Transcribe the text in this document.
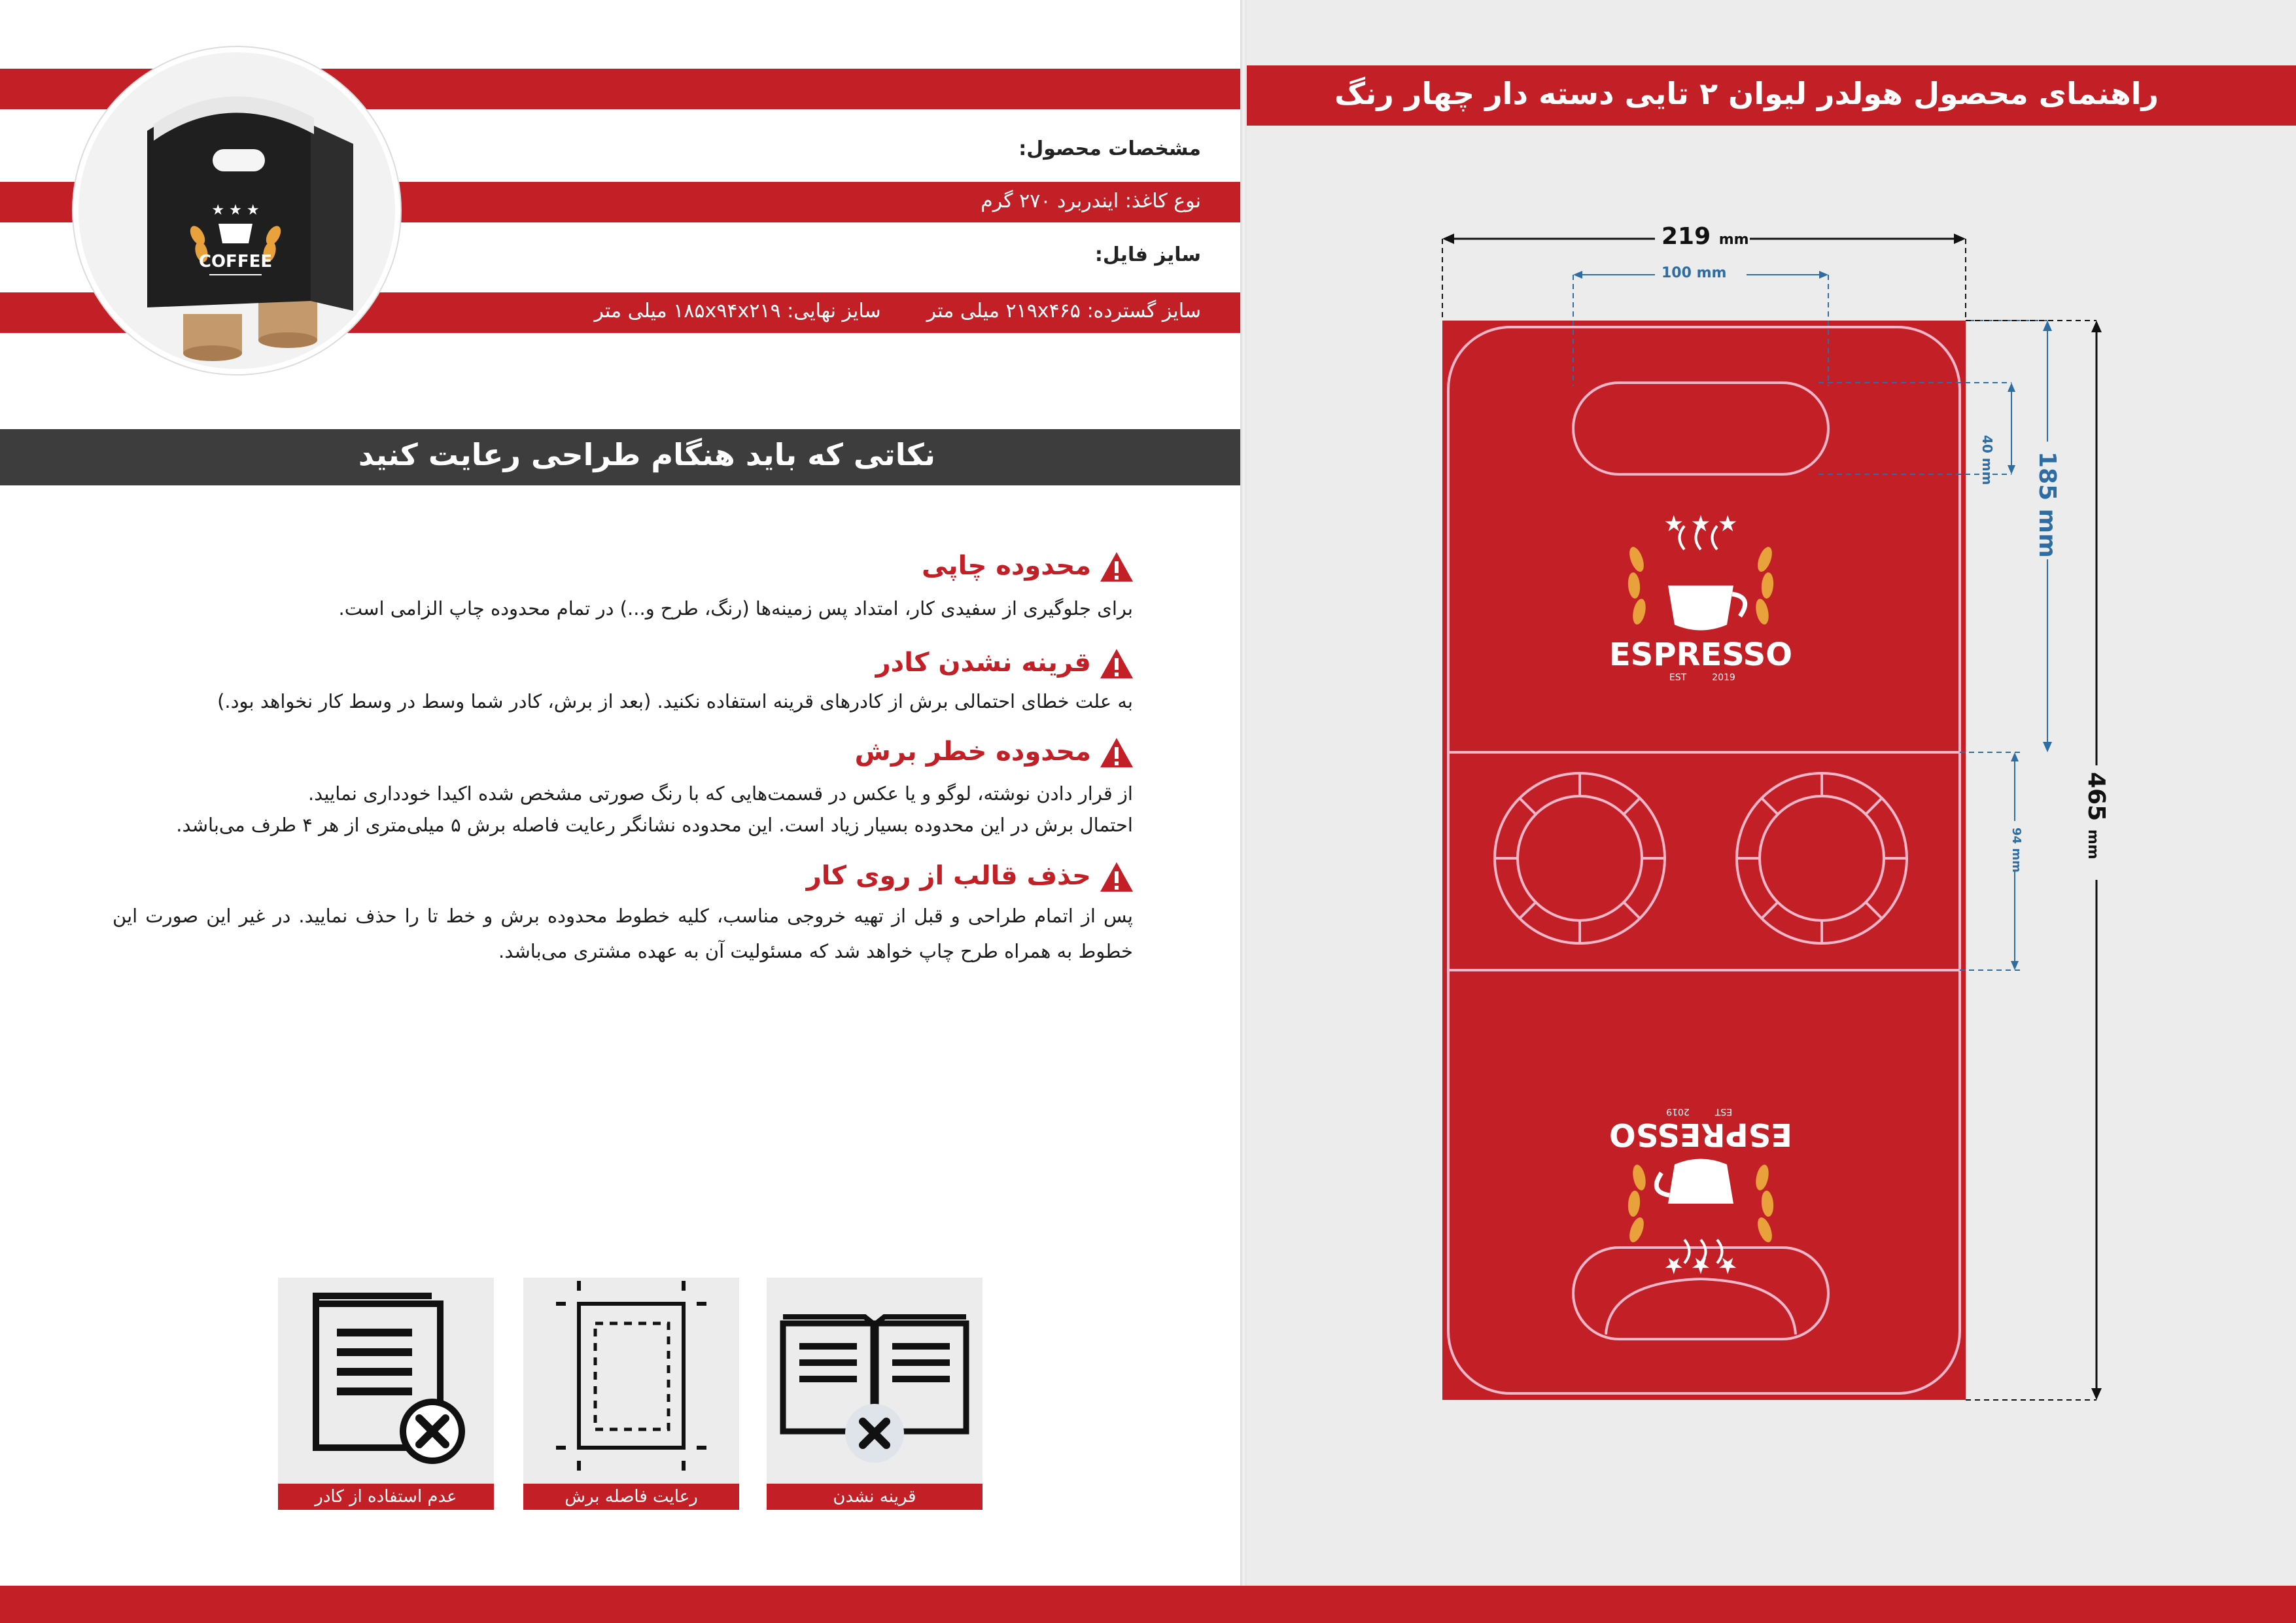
مشخصات محصول:
نوع کاغذ: ایندربرد ۲۷۰ گرم
سایز فایل:
سایز گسترده: ۲۱۹x۴۶۵ میلی مترسایز نهایی: ۱۸۵x۹۴x۲۱۹ میلی متر
★ ★ ★
COFFEE
نکاتی که باید هنگام طراحی رعایت کنید
محدوده چاپی
برای جلوگیری از سفیدی کار، امتداد پس زمینه‌ها (رنگ، طرح و...) در تمام محدوده چاپ الزامی است.
قرینه نشدن کادر
به علت خطای احتمالی برش از کادرهای قرینه استفاده نکنید. (بعد از برش، کادر شما وسط در وسط کار نخواهد بود.)
محدوده خطر برش
از قرار دادن نوشته، لوگو و یا عکس در قسمت‌هایی که با رنگ صورتی مشخص شده اکیدا خودداری نمایید.
احتمال برش در این محدوده بسیار زیاد است. این محدوده نشانگر رعایت فاصله برش ۵ میلی‌متری از هر ۴ طرف می‌باشد.
حذف قالب از روی کار
پس از اتمام طراحی و قبل از تهیه خروجی مناسب، کلیه خطوط محدوده برش و خط تا را حذف نمایید. در غیر این صورت این خطوط به همراه طرح چاپ خواهد شد که مسئولیت آن به عهده مشتری می‌باشد.
عدم استفاده از کادر	رعایت فاصله برش	قرینه نشدن
راهنمای محصول هولدر لیوان ۲ تایی دسته دار چهار رنگ
★ ★ ★
ESPRESSO
EST	2019
★ ★ ★
ESPRESSO
EST
2019
219 mm
100 mm
40 mm 185 mm
94 mm
465 mm
